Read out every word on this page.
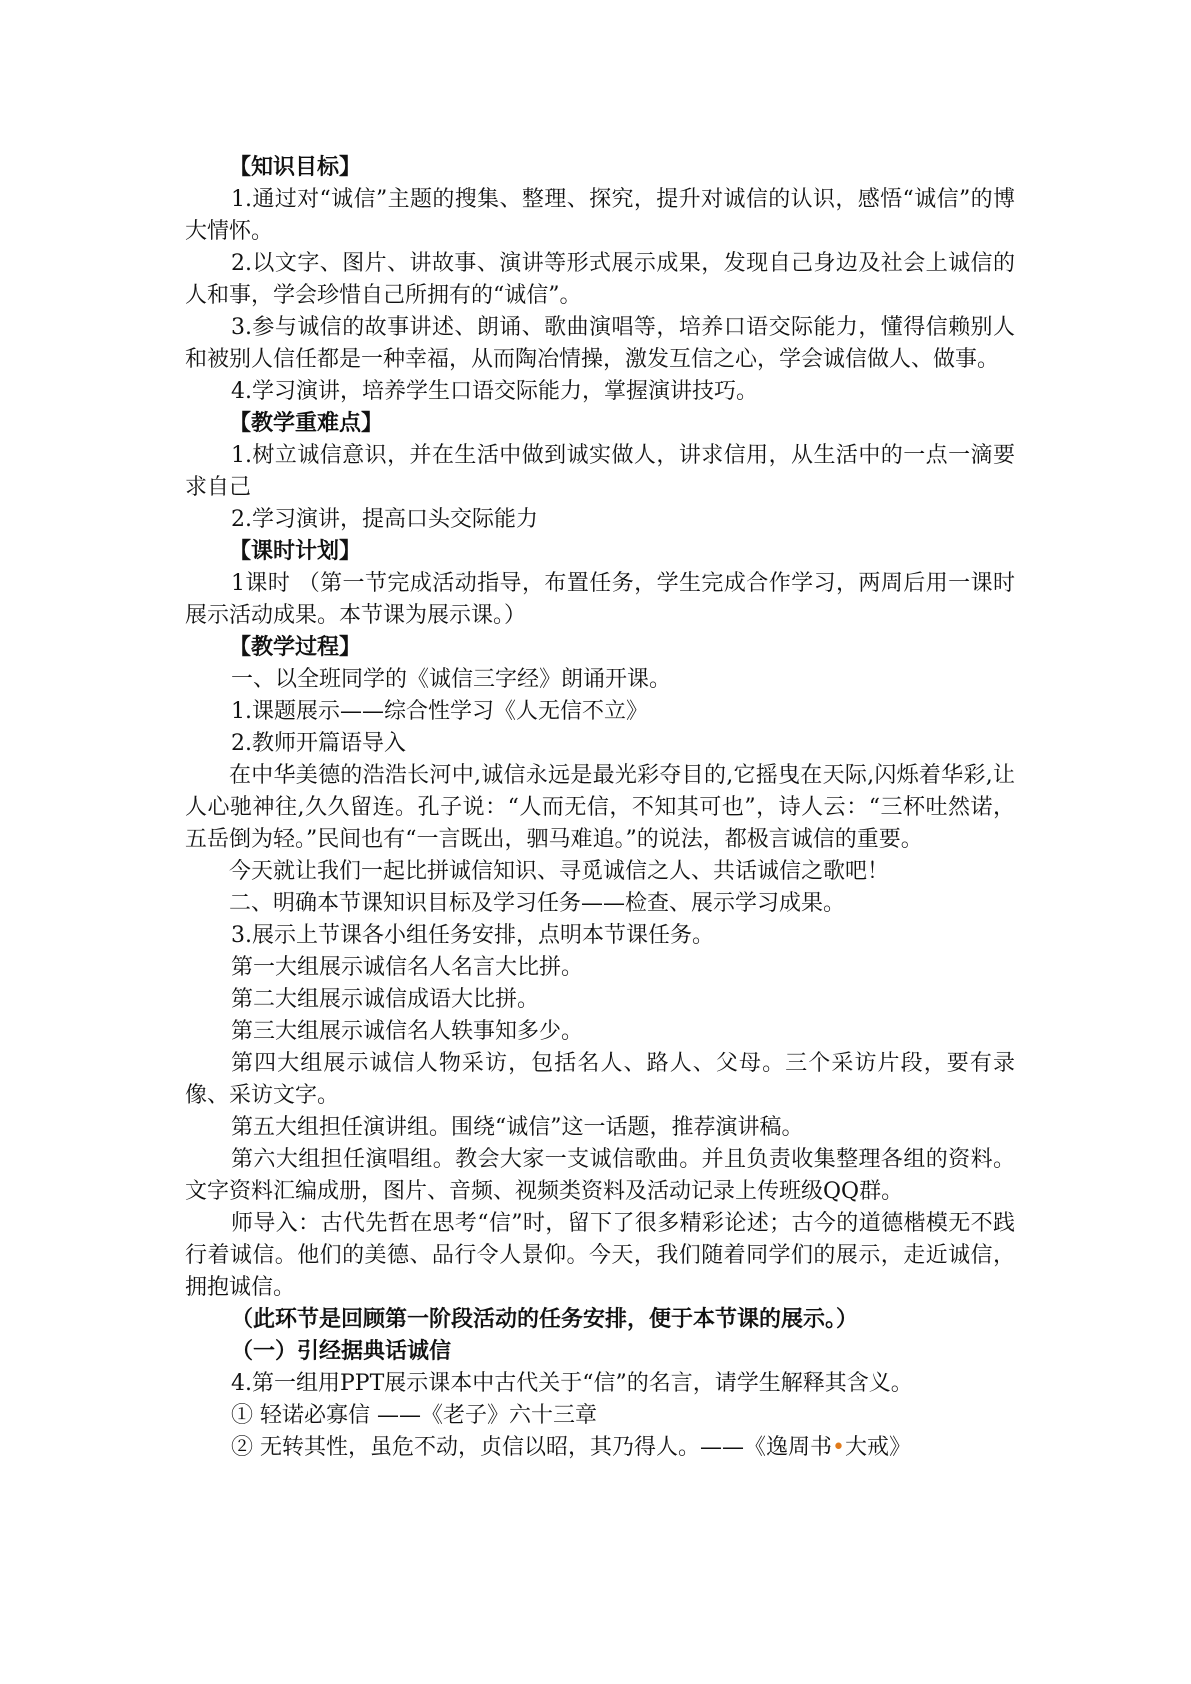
【知识目标】
1.通过对“诚信”主题的搜集、整理、探究，提升对诚信的认识，感悟“诚信”的博大情怀。
2.以文字、图片、讲故事、演讲等形式展示成果，发现自己身边及社会上诚信的人和事，学会珍惜自己所拥有的“诚信”。
3.参与诚信的故事讲述、朗诵、歌曲演唱等，培养口语交际能力，懂得信赖别人和被别人信任都是一种幸福，从而陶冶情操，激发互信之心，学会诚信做人、做事。
4.学习演讲，培养学生口语交际能力，掌握演讲技巧。
【教学重难点】
1.树立诚信意识，并在生活中做到诚实做人，讲求信用，从生活中的一点一滴要求自己
2.学习演讲，提高口头交际能力
【课时计划】
1课时 （第一节完成活动指导，布置任务，学生完成合作学习，两周后用一课时展示活动成果。本节课为展示课。）
【教学过程】
一、以全班同学的《诚信三字经》朗诵开课。
1.课题展示——综合性学习《人无信不立》
2.教师开篇语导入
在中华美德的浩浩长河中,诚信永远是最光彩夺目的,它摇曳在天际,闪烁着华彩,让人心驰神往,久久留连。孔子说：“人而无信，不知其可也”，诗人云：“三杯吐然诺，五岳倒为轻。”民间也有“一言既出，驷马难追。”的说法，都极言诚信的重要。
今天就让我们一起比拼诚信知识、寻觅诚信之人、共话诚信之歌吧！
二、明确本节课知识目标及学习任务——检查、展示学习成果。
3.展示上节课各小组任务安排，点明本节课任务。
第一大组展示诚信名人名言大比拼。
第二大组展示诚信成语大比拼。
第三大组展示诚信名人轶事知多少。
第四大组展示诚信人物采访，包括名人、路人、父母。三个采访片段，要有录像、采访文字。
第五大组担任演讲组。围绕“诚信”这一话题，推荐演讲稿。
第六大组担任演唱组。教会大家一支诚信歌曲。并且负责收集整理各组的资料。文字资料汇编成册，图片、音频、视频类资料及活动记录上传班级QQ群。
师导入：古代先哲在思考“信”时，留下了很多精彩论述；古今的道德楷模无不践行着诚信。他们的美德、品行令人景仰。今天，我们随着同学们的展示，走近诚信，拥抱诚信。
（此环节是回顾第一阶段活动的任务安排，便于本节课的展示。）
（一）引经据典话诚信
4.第一组用PPT展示课本中古代关于“信”的名言，请学生解释其含义。
① 轻诺必寡信 ——《老子》六十三章
② 无转其性，虽危不动，贞信以昭，其乃得人。——《逸周书•大戒》
